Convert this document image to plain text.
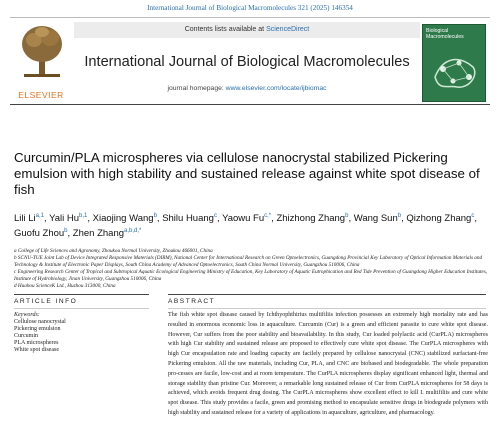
International Journal of Biological Macromolecules 321 (2025) 146354
ELSEVIER
Contents lists available at ScienceDirect
International Journal of Biological Macromolecules
journal homepage: www.elsevier.com/locate/ijbiomac
Biological
Macromolecules
Curcumin/PLA microspheres via cellulose nanocrystal stabilized Pickering emulsion with high stability and sustained release against white spot disease of fish
Lili Li$^{a,1}$, Yali Hu$^{b,1}$, Xiaojing Wang$^b$, Shilu Huang$^c$, Yaowu $Fu^{c,*}$, Zhizhong Zhang$^b$, Wang Sun$^b$, Qizhong Zhang$^c$, Guofu Zhou$^b$, Zhen Zhang$^{a,b,d,*}$
a College of Life Sciences and Agronomy, Zhoukou Normal University, Zhoukou 466001, China
b SCNU-TUE Joint Lab of Device Integrated Responsive Materials (DIRM), National Center for International Research on Green Optoelectronics, Guangdong Provincial Key Laboratory of Optical Information Materials and Technology & Institute of Electronic Paper Displays, South China Academy of Advanced Optoelectronics, South China Normal University, Guangzhou 510006, China
c Engineering Research Center of Tropical and Subtropical Aquatic Ecological Engineering Ministry of Education, Key Laboratory of Aquatic Eutrophication and Red Tide Prevention of Guangdong Higher Education Institutes, Institute of Hydrobiology, Jinan University, Guangzhou 510006, China
d Huahou ScienceK Ltd., Huzhou 313000, China
ARTICLE INFO	ABSTRACT
Keywords:
Cellulose nanocrystal
Pickering emulsion
Curcumin
PLA microspheres
White spot disease
The fish white spot disease caused by Ichthyophthirius multifiliis infection possesses an extremely high mortality rate and has resulted in enormous economic loss in aquaculture. Curcumin (Cur) is a green and efficient parasite to cure white spot disease. However, Cur suffers from the poor stability and bioavailability. In this study, Cur loaded polylactic acid (CurPLA) microspheres with high Cur stability and sustained release are proposed to effectively cure white spot disease. The CurPLA microspheres with high Cur encapsulation rate and loading capacity are facilely prepared by cellulose nanocrystal (CNC) stabilized surfactant-free Pickering emulsion. All the raw materials, including Cur, PLA, and CNC are biobased and biodegradable. The whole preparation pro-cesses are facile, low-cost and at room temperature. The CurPLA microspheres display significant enhanced light, thermal and storage stability than pristine Cur. Moreover, a remarkable long sustained release of Cur from CurPLA microspheres for 58 days is achieved, which avoids frequent drug dosing. The CurPLA microspheres show excellent effect to kill I. multifiliis and cure white spot disease. This study provides a facile, green and promising method to encapsulate sensitive drugs in biodegrade polymers with high stability and sustained release for a variety of applications in aquaculture, agriculture, and pharmacology.
